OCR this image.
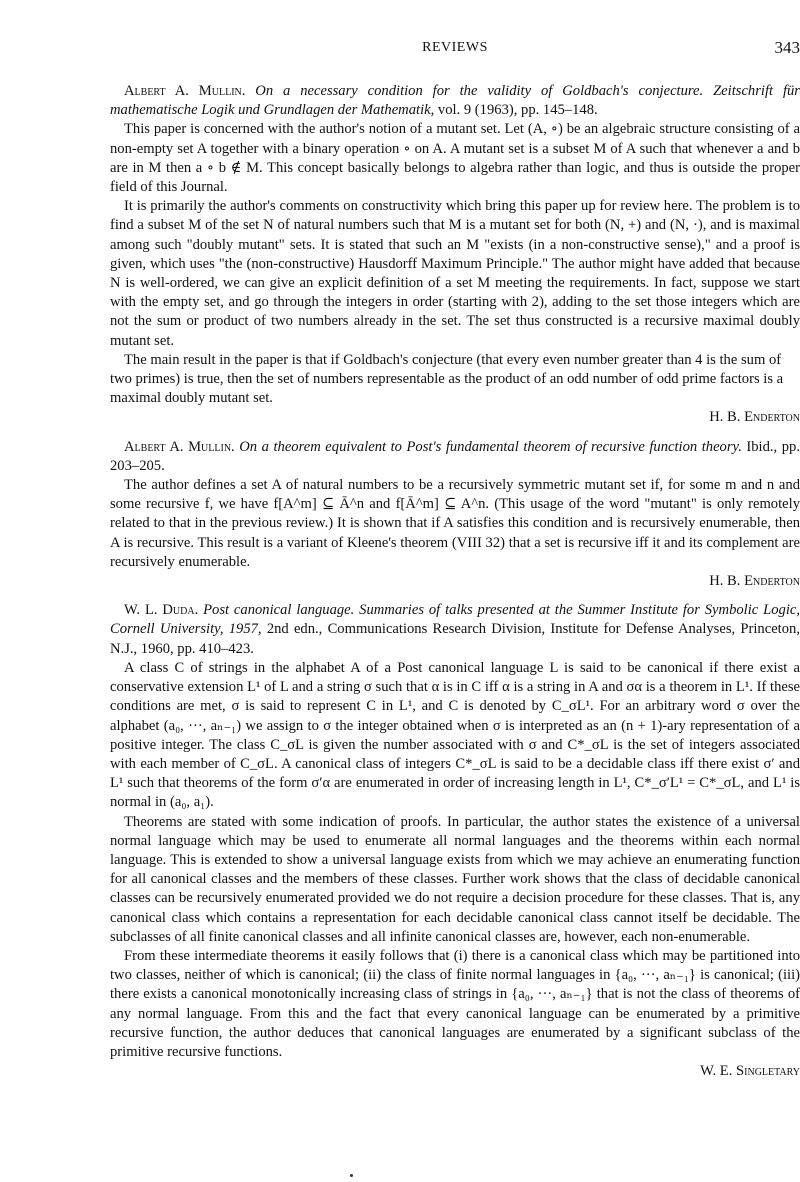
REVIEWS	343

Albert A. Mullin. On a necessary condition for the validity of Goldbach's conjecture. Zeitschrift für mathematische Logik und Grundlagen der Mathematik, vol. 9 (1963), pp. 145–148.

This paper is concerned with the author's notion of a mutant set. Let (A, ∘) be an algebraic structure consisting of a non-empty set A together with a binary operation ∘ on A. A mutant set is a subset M of A such that whenever a and b are in M then a ∘ b ∉ M. This concept basically belongs to algebra rather than logic, and thus is outside the proper field of this Journal.

It is primarily the author's comments on constructivity which bring this paper up for review here. The problem is to find a subset M of the set N of natural numbers such that M is a mutant set for both (N, +) and (N, ·), and is maximal among such "doubly mutant" sets. It is stated that such an M "exists (in a non-constructive sense)," and a proof is given, which uses "the (non-constructive) Hausdorff Maximum Principle." The author might have added that because N is well-ordered, we can give an explicit definition of a set M meeting the requirements. In fact, suppose we start with the empty set, and go through the integers in order (starting with 2), adding to the set those integers which are not the sum or product of two numbers already in the set. The set thus constructed is a recursive maximal doubly mutant set.

The main result in the paper is that if Goldbach's conjecture (that every even number greater than 4 is the sum of two primes) is true, then the set of numbers representable as the product of an odd number of odd prime factors is a maximal doubly mutant set.

H. B. Enderton

Albert A. Mullin. On a theorem equivalent to Post's fundamental theorem of recursive function theory. Ibid., pp. 203–205.

The author defines a set A of natural numbers to be a recursively symmetric mutant set if, for some m and n and some recursive f, we have f[A^m] ⊆ Ā^n and f[Ā^m] ⊆ A^n. (This usage of the word "mutant" is only remotely related to that in the previous review.) It is shown that if A satisfies this condition and is recursively enumerable, then A is recursive. This result is a variant of Kleene's theorem (VIII 32) that a set is recursive iff it and its complement are recursively enumerable.

H. B. Enderton

W. L. Duda. Post canonical language. Summaries of talks presented at the Summer Institute for Symbolic Logic, Cornell University, 1957, 2nd edn., Communications Research Division, Institute for Defense Analyses, Princeton, N.J., 1960, pp. 410–423.

A class C of strings in the alphabet A of a Post canonical language L is said to be canonical if there exist a conservative extension L¹ of L and a string σ such that α is in C iff α is a string in A and σα is a theorem in L¹. If these conditions are met, σ is said to represent C in L¹, and C is denoted by C_σL¹. For an arbitrary word σ over the alphabet (a₀, ···, aₙ₋₁) we assign to σ the integer obtained when σ is interpreted as an (n + 1)-ary representation of a positive integer. The class C_σL is given the number associated with σ and C*_σL is the set of integers associated with each member of C_σL. A canonical class of integers C*_σL is said to be a decidable class iff there exist σ′ and L¹ such that theorems of the form σ′α are enumerated in order of increasing length in L¹, C*_σ′L¹ = C*_σL, and L¹ is normal in (a₀, a₁).

Theorems are stated with some indication of proofs. In particular, the author states the existence of a universal normal language which may be used to enumerate all normal languages and the theorems within each normal language. This is extended to show a universal language exists from which we may achieve an enumerating function for all canonical classes and the members of these classes. Further work shows that the class of decidable canonical classes can be recursively enumerated provided we do not require a decision procedure for these classes. That is, any canonical class which contains a representation for each decidable canonical class cannot itself be decidable. The subclasses of all finite canonical classes and all infinite canonical classes are, however, each non-enumerable.

From these intermediate theorems it easily follows that (i) there is a canonical class which may be partitioned into two classes, neither of which is canonical; (ii) the class of finite normal languages in {a₀, ···, aₙ₋₁} is canonical; (iii) there exists a canonical monotonically increasing class of strings in {a₀, ···, aₙ₋₁} that is not the class of theorems of any normal language. From this and the fact that every canonical language can be enumerated by a primitive recursive function, the author deduces that canonical languages are enumerated by a significant subclass of the primitive recursive functions.

W. E. Singletary
